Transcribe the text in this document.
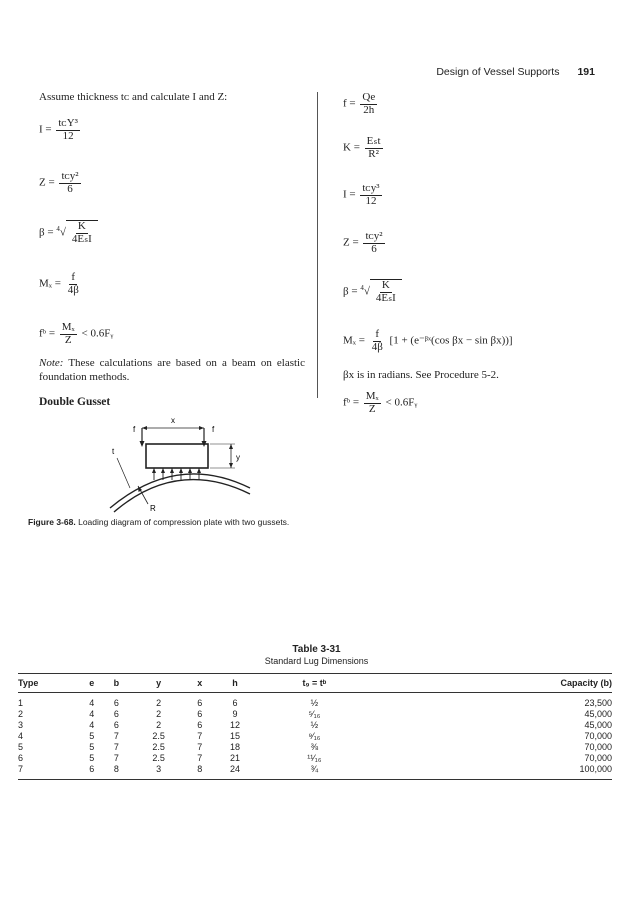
Design of Vessel Supports 191
Assume thickness tᴄ and calculate I and Z:
$I = \frac{\text{tᴄY³}}{12}$
$Z = \frac{\text{tᴄy²}}{6}$
$\beta = ^4√ \frac{K}{\text{4EₛI}}$
$M_x = \frac{f}{4\beta}$
fᵇ = $\frac{\text{Mₓ}}{Z}$ < 0.6Fᵧ
Note: These calculations are based on a beam on elastic foundation methods.
Double Gusset
x
f	f
y
t
R
Figure 3-68. Loading diagram of compression plate with two gussets.
$f = \frac{Qe}{2h}$
$K = \frac{\text{Eₛt}}{\text{R²}}$
$I = \frac{\text{tᴄy³}}{12}$
$Z = \frac{\text{tᴄy²}}{6}$
$\beta = ^4√ \frac{K}{\text{4EₛI}}$
$M_x = \frac{f}{4\beta} [1$ + (e⁻ᵝˣ(cos βx − sin βx))]
βx is in radians. See Procedure 5-2.
fᵇ = $\frac{\text{Mₓ}}{Z}$ < 0.6Fᵧ
Table 3-31
Standard Lug Dimensions
Type	e	b	y	x	h	t₉ = tᵇ	Capacity (b)
1	4	6	2	6	6	½	23,500
2	4	6	2	6	9	⁵⁄₁₆	45,000
3	4	6	2	6	12	½	45,000
4	5	7	2.5	7	15	⁹⁄₁₆	70,000
5	5	7	2.5	7	18	⅜	70,000
6	5	7	2.5	7	21	¹¹⁄₁₆	70,000
7	6	8	3	8	24	¾	100,000
